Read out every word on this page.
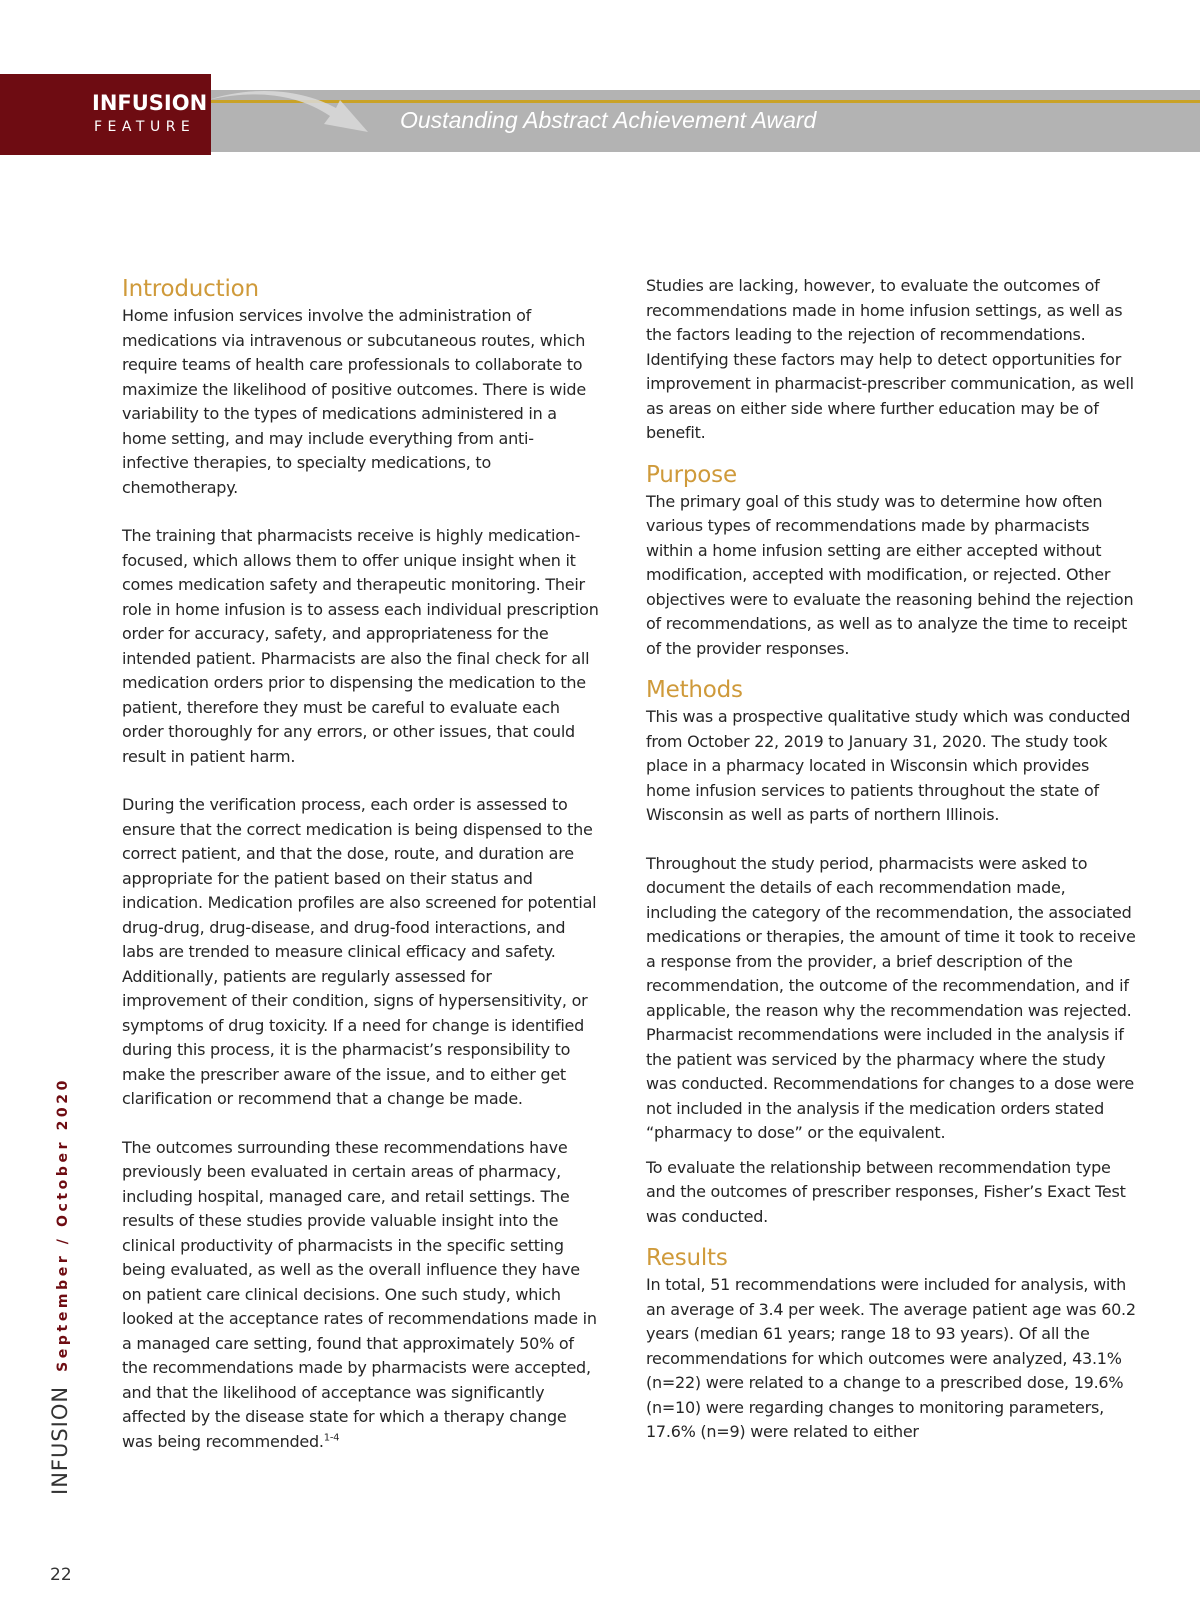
INFUSION
FEATURE	Oustanding Abstract Achievement Award
Introduction

Home infusion services involve the administration of medications via intravenous or subcutaneous routes, which require teams of health care professionals to collaborate to maximize the likelihood of positive outcomes. There is wide variability to the types of medications administered in a home setting, and may include everything from anti-infective therapies, to specialty medications, to chemotherapy.

The training that pharmacists receive is highly medication-focused, which allows them to offer unique insight when it comes medication safety and therapeutic monitoring. Their role in home infusion is to assess each individual prescription order for accuracy, safety, and appropriateness for the intended patient. Pharmacists are also the final check for all medication orders prior to dispensing the medication to the patient, therefore they must be careful to evaluate each order thoroughly for any errors, or other issues, that could result in patient harm.

During the verification process, each order is assessed to ensure that the correct medication is being dispensed to the correct patient, and that the dose, route, and duration are appropriate for the patient based on their status and indication. Medication profiles are also screened for potential drug-drug, drug-disease, and drug-food interactions, and labs are trended to measure clinical efficacy and safety. Additionally, patients are regularly assessed for improvement of their condition, signs of hypersensitivity, or symptoms of drug toxicity. If a need for change is identified during this process, it is the pharmacist’s responsibility to make the prescriber aware of the issue, and to either get clarification or recommend that a change be made.

The outcomes surrounding these recommendations have previously been evaluated in certain areas of pharmacy, including hospital, managed care, and retail settings. The results of these studies provide valuable insight into the clinical productivity of pharmacists in the specific setting being evaluated, as well as the overall influence they have on patient care clinical decisions. One such study, which looked at the acceptance rates of recommendations made in a managed care setting, found that approximately 50% of the recommendations made by pharmacists were accepted, and that the likelihood of acceptance was significantly affected by the disease state for which a therapy change was being recommended.$^{1-4}$

Studies are lacking, however, to evaluate the outcomes of recommendations made in home infusion settings, as well as the factors leading to the rejection of recommendations. Identifying these factors may help to detect opportunities for improvement in pharmacist-prescriber communication, as well as areas on either side where further education may be of benefit.

Purpose

The primary goal of this study was to determine how often various types of recommendations made by pharmacists within a home infusion setting are either accepted without modification, accepted with modification, or rejected. Other objectives were to evaluate the reasoning behind the rejection of recommendations, as well as to analyze the time to receipt of the provider responses.

Methods

This was a prospective qualitative study which was conducted from October 22, 2019 to January 31, 2020. The study took place in a pharmacy located in Wisconsin which provides home infusion services to patients throughout the state of Wisconsin as well as parts of northern Illinois.

Throughout the study period, pharmacists were asked to document the details of each recommendation made, including the category of the recommendation, the associated medications or therapies, the amount of time it took to receive a response from the provider, a brief description of the recommendation, the outcome of the recommendation, and if applicable, the reason why the recommendation was rejected. Pharmacist recommendations were included in the analysis if the patient was serviced by the pharmacy where the study was conducted. Recommendations for changes to a dose were not included in the analysis if the medication orders stated “pharmacy to dose” or the equivalent.

To evaluate the relationship between recommendation type and the outcomes of prescriber responses, Fisher’s Exact Test was conducted.

Results

In total, 51 recommendations were included for analysis, with an average of 3.4 per week. The average patient age was 60.2 years (median 61 years; range 18 to 93 years). Of all the recommendations for which outcomes were analyzed, 43.1% (n=22) were related to a change to a prescribed dose, 19.6% (n=10) were regarding changes to monitoring parameters, 17.6% (n=9) were related to either

INFUSION
September / October 2020
22
